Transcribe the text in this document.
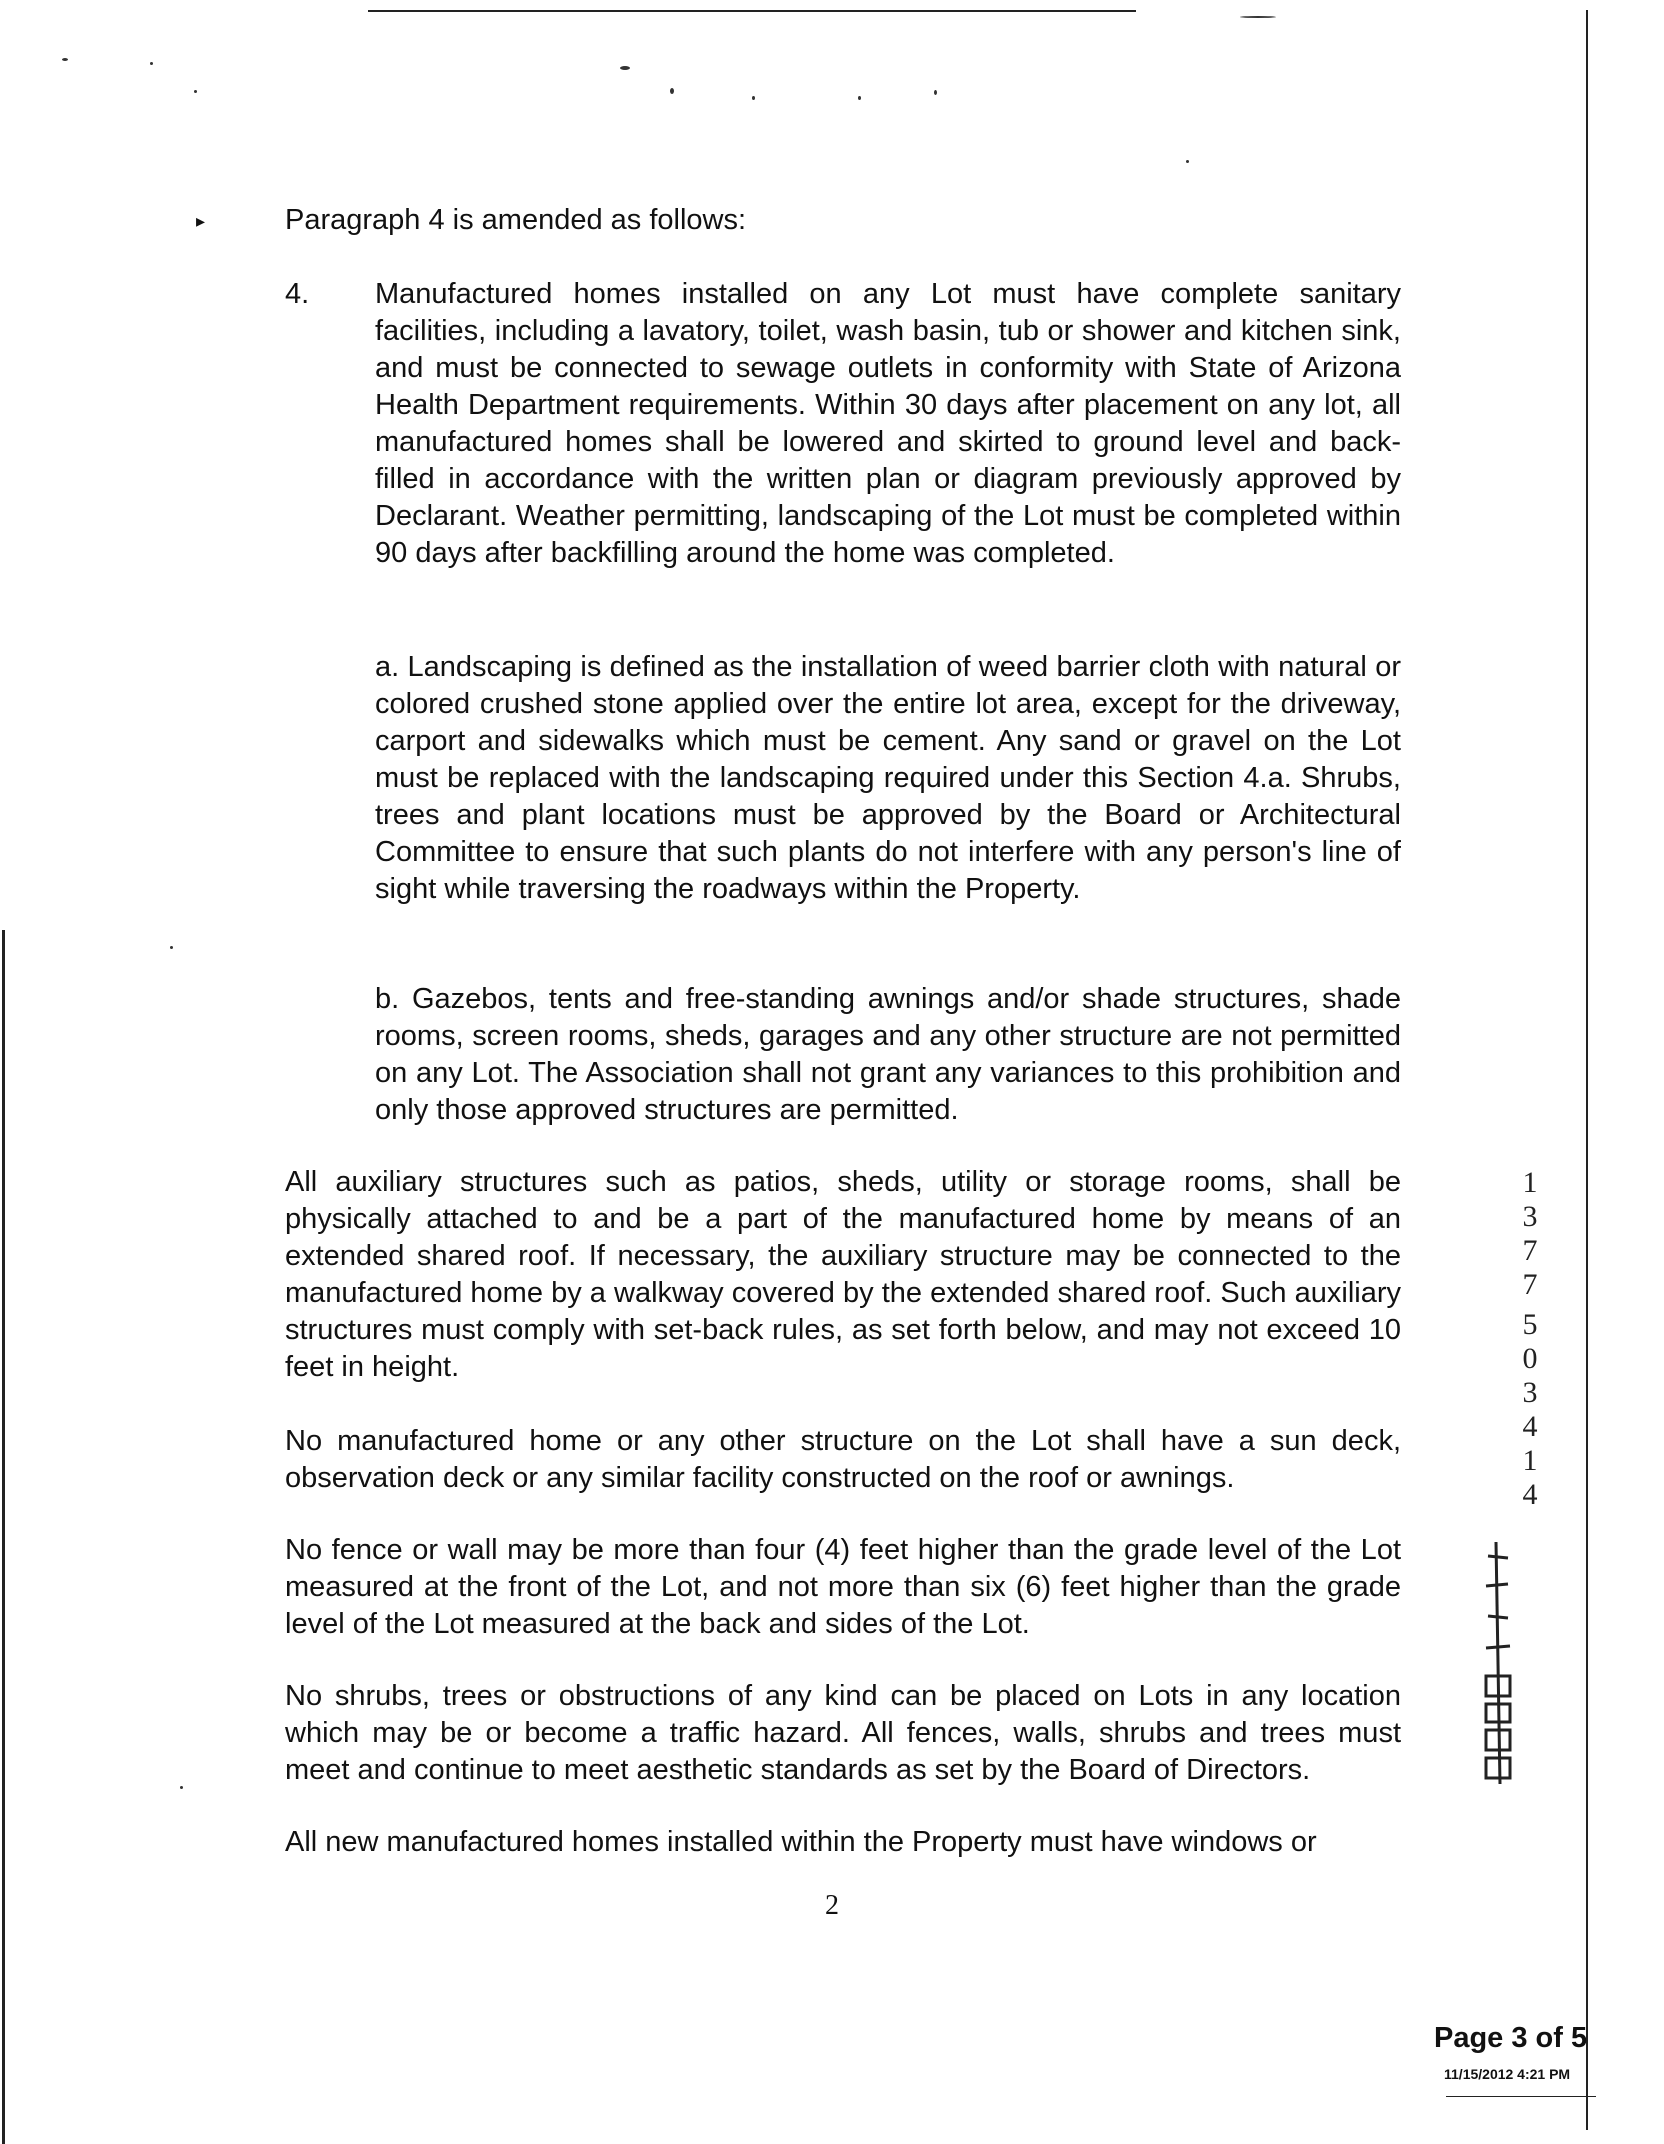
▸	Paragraph 4 is amended as follows:

4. Manufactured homes installed on any Lot must have complete sanitary facilities, including a lavatory, toilet, wash basin, tub or shower and kitchen sink, and must be connected to sewage outlets in conformity with State of Arizona Health Department requirements. Within 30 days after placement on any lot, all manufactured homes shall be lowered and skirted to ground level and back-filled in accordance with the written plan or diagram previously approved by Declarant. Weather permitting, landscaping of the Lot must be completed within 90 days after backfilling around the home was completed.

a. Landscaping is defined as the installation of weed barrier cloth with natural or colored crushed stone applied over the entire lot area, except for the driveway, carport and sidewalks which must be cement. Any sand or gravel on the Lot must be replaced with the landscaping required under this Section 4.a. Shrubs, trees and plant locations must be approved by the Board or Architectural Committee to ensure that such plants do not interfere with any person's line of sight while traversing the roadways within the Property.

b. Gazebos, tents and free-standing awnings and/or shade structures, shade rooms, screen rooms, sheds, garages and any other structure are not permitted on any Lot. The Association shall not grant any variances to this prohibition and only those approved structures are permitted.

All auxiliary structures such as patios, sheds, utility or storage rooms, shall be physically attached to and be a part of the manufactured home by means of an extended shared roof. If necessary, the auxiliary structure may be connected to the manufactured home by a walkway covered by the extended shared roof. Such auxiliary structures must comply with set-back rules, as set forth below, and may not exceed 10 feet in height.

No manufactured home or any other structure on the Lot shall have a sun deck, observation deck or any similar facility constructed on the roof or awnings.

No fence or wall may be more than four (4) feet higher than the grade level of the Lot measured at the front of the Lot, and not more than six (6) feet higher than the grade level of the Lot measured at the back and sides of the Lot.

No shrubs, trees or obstructions of any kind can be placed on Lots in any location which may be or become a traffic hazard. All fences, walls, shrubs and trees must meet and continue to meet aesthetic standards as set by the Board of Directors.

All new manufactured homes installed within the Property must have windows or

2
1
3
7
7
5
0
3
4
1
4
Page 3 of 5
11/15/2012 4:21 PM
